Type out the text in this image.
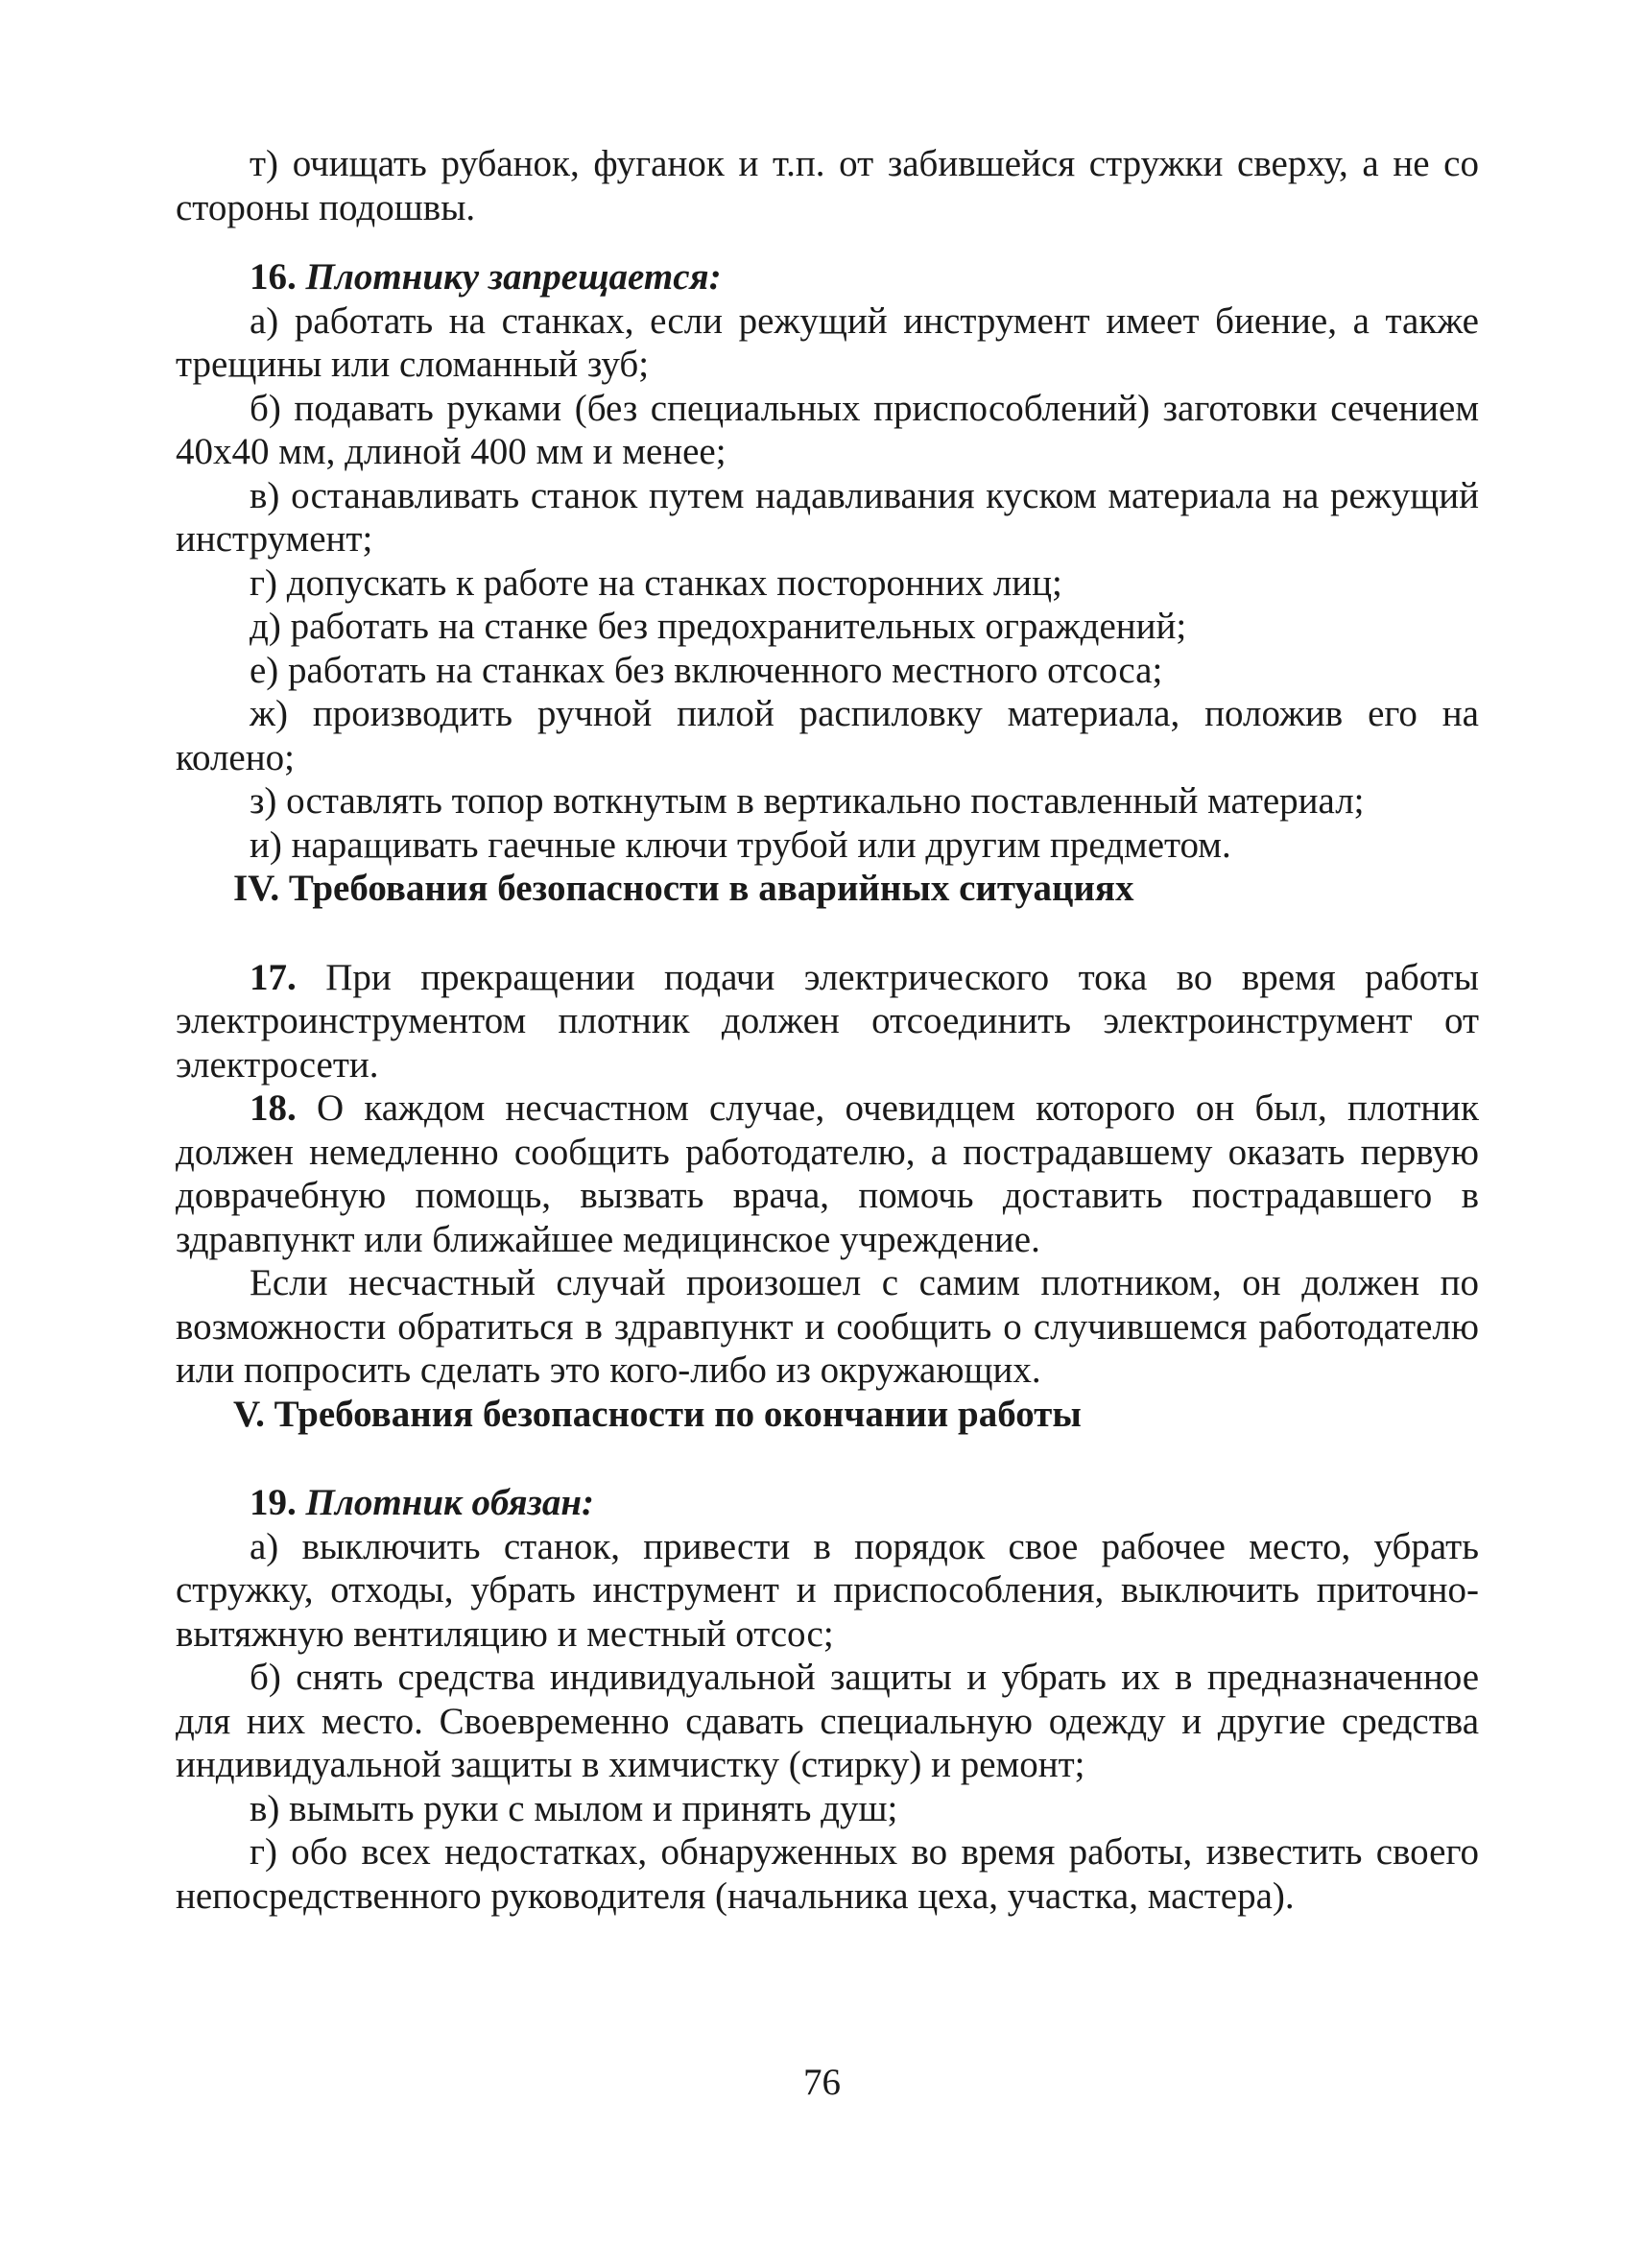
т) очищать рубанок, фуганок и т.п. от забившейся стружки сверху, а не со стороны подошвы.

16. Плотнику запрещается:

а) работать на станках, если режущий инструмент имеет биение, а также трещины или сломанный зуб;

б) подавать руками (без специальных приспособлений) заготовки сечением 40х40 мм, длиной 400 мм и менее;

в) останавливать станок путем надавливания куском материала на режущий инструмент;

г) допускать к работе на станках посторонних лиц;

д) работать на станке без предохранительных ограждений;

е) работать на станках без включенного местного отсоса;

ж) производить ручной пилой распиловку материала, положив его на колено;

з) оставлять топор воткнутым в вертикально поставленный материал;

и) наращивать гаечные ключи трубой или другим предметом.

IV. Требования безопасности в аварийных ситуациях

17. При прекращении подачи электрического тока во время работы электроинструментом плотник должен отсоединить электроинструмент от электросети.

18. О каждом несчастном случае, очевидцем которого он был, плотник должен немедленно сообщить работодателю, а пострадавшему оказать первую доврачебную помощь, вызвать врача, помочь доставить пострадавшего в здравпункт или ближайшее медицинское учреждение.

Если несчастный случай произошел с самим плотником, он должен по возможности обратиться в здравпункт и сообщить о случившемся работодателю или попросить сделать это кого-либо из окружающих.

V. Требования безопасности по окончании работы

19. Плотник обязан:

а) выключить станок, привести в порядок свое рабочее место, убрать стружку, отходы, убрать инструмент и приспособления, выключить приточно-вытяжную вентиляцию и местный отсос;

б) снять средства индивидуальной защиты и убрать их в предназначенное для них место. Своевременно сдавать специальную одежду и другие средства индивидуальной защиты в химчистку (стирку) и ремонт;

в) вымыть руки с мылом и принять душ;

г) обо всех недостатках, обнаруженных во время работы, известить своего непосредственного руководителя (начальника цеха, участка, мастера).

76
